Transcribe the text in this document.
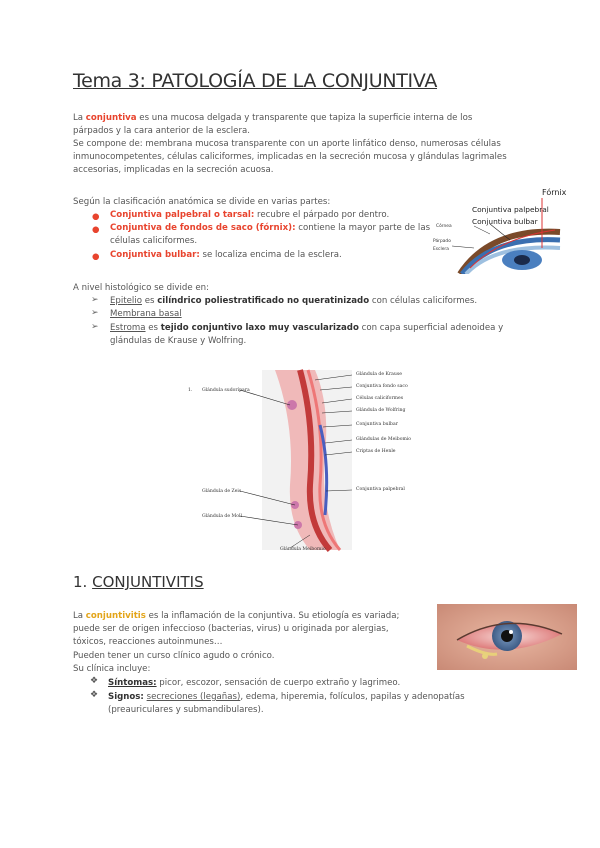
Tema 3: PATOLOGÍA DE LA CONJUNTIVA
La conjuntiva es una mucosa delgada y transparente que tapiza la superficie interna de los
párpados y la cara anterior de la esclera.
Se compone de: membrana mucosa transparente con un aporte linfático denso, numerosas células
inmunocompetentes, células caliciformes, implicadas en la secreción mucosa y glándulas lagrimales
accesorias, implicadas en la secreción acuosa.
Según la clasificación anatómica se divide en varias partes:
● Conjuntiva palpebral o tarsal: recubre el párpado por dentro.
● Conjuntiva de fondos de saco (fórnix): contiene la mayor parte de las
células caliciformes.
● Conjuntiva bulbar: se localiza encima de la esclera.
Fórnix
Conjuntiva palpebral
Conjuntiva bulbar
Córnea
Párpado
Esclera
A nivel histológico se divide en:
➢ Epitelio es cilíndrico poliestratificado no queratinizado con células caliciformes.
➢ Membrana basal
➢ Estroma es tejido conjuntivo laxo muy vascularizado con capa superficial adenoidea y
glándulas de Krause y Wolfring.
Glándula de Krause
Conjuntiva fondo saco
Células caliciformes
Glándula de Wolfring
Conjuntiva bulbar
Glándulas de Meibomio
Criptas de Henle
Conjuntiva palpebral
1. Glándula sudorípara
Glándula de Zeis
Glándula de Moll
Glándula Meibomio
1. CONJUNTIVITIS
La conjuntivitis es la inflamación de la conjuntiva. Su etiología es variada;
puede ser de origen infeccioso (bacterias, virus) u originada por alergias,
tóxicos, reacciones autoinmunes…
Pueden tener un curso clínico agudo o crónico.
Su clínica incluye:
❖ Síntomas: picor, escozor, sensación de cuerpo extraño y lagrimeo.
❖ Signos: secreciones (legañas), edema, hiperemia, folículos, papilas y adenopatías
(preauriculares y submandibulares).
